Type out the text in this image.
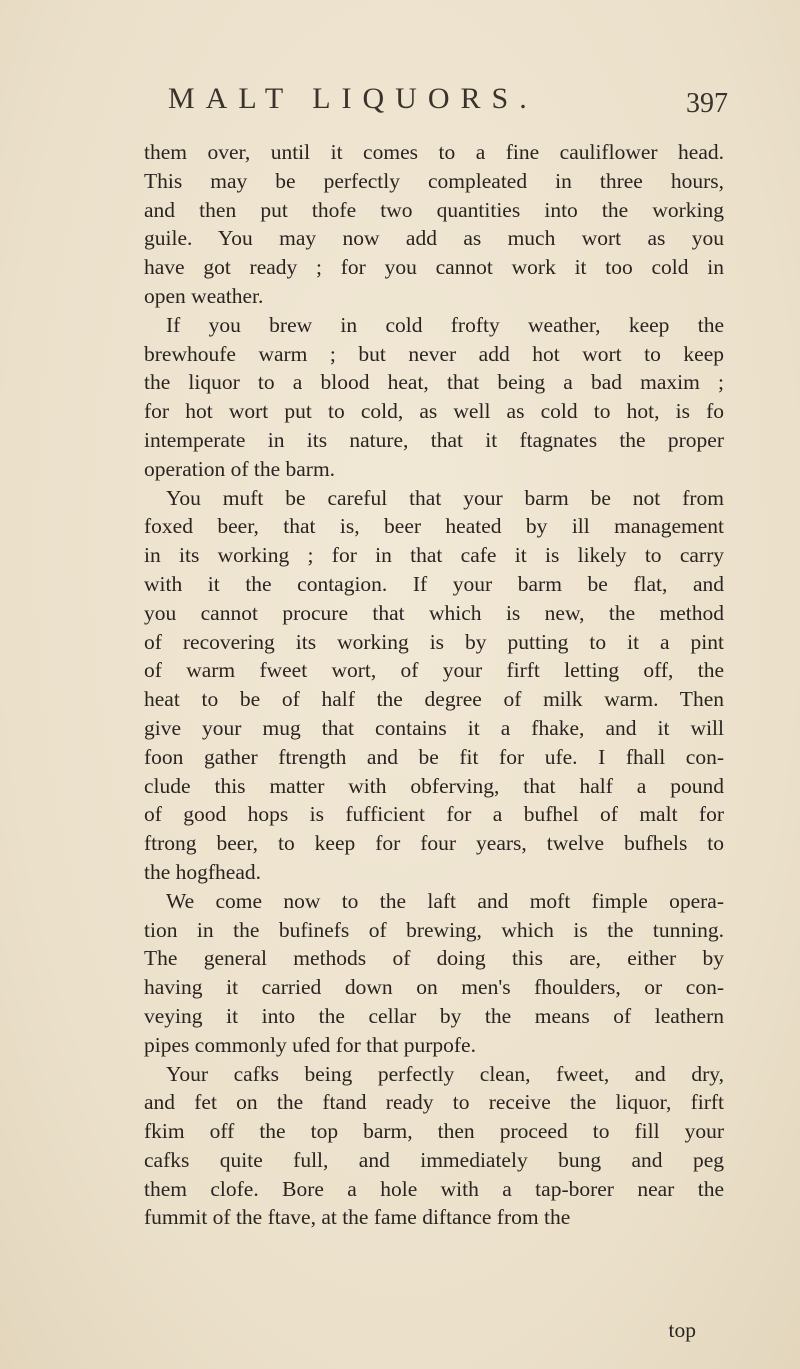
MALT LIQUORS.	397
them over, until it comes to a fine cauliflower head.
This may be perfectly compleated in three hours,
and then put thofe two quantities into the working
guile. You may now add as much wort as you
have got ready ; for you cannot work it too cold in
open weather.
If you brew in cold frofty weather, keep the
brewhoufe warm ; but never add hot wort to keep
the liquor to a blood heat, that being a bad maxim ;
for hot wort put to cold, as well as cold to hot, is fo
intemperate in its nature, that it ftagnates the proper
operation of the barm.
You muft be careful that your barm be not from
foxed beer, that is, beer heated by ill management
in its working ; for in that cafe it is likely to carry
with it the contagion. If your barm be flat, and
you cannot procure that which is new, the method
of recovering its working is by putting to it a pint
of warm fweet wort, of your firft letting off, the
heat to be of half the degree of milk warm. Then
give your mug that contains it a fhake, and it will
foon gather ftrength and be fit for ufe. I fhall con-
clude this matter with obferving, that half a pound
of good hops is fufficient for a bufhel of malt for
ftrong beer, to keep for four years, twelve bufhels to
the hogfhead.
We come now to the laft and moft fimple opera-
tion in the bufinefs of brewing, which is the tunning.
The general methods of doing this are, either by
having it carried down on men's fhoulders, or con-
veying it into the cellar by the means of leathern
pipes commonly ufed for that purpofe.
Your cafks being perfectly clean, fweet, and dry,
and fet on the ftand ready to receive the liquor, firft
fkim off the top barm, then proceed to fill your
cafks quite full, and immediately bung and peg
them clofe. Bore a hole with a tap-borer near the
fummit of the ftave, at the fame diftance from the
top
